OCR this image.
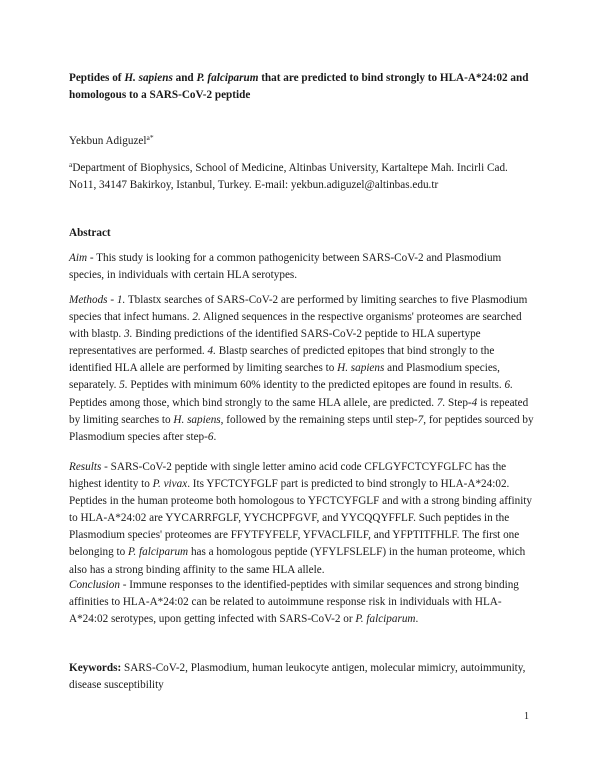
Peptides of H. sapiens and P. falciparum that are predicted to bind strongly to HLA-A*24:02 and homologous to a SARS-CoV-2 peptide

Yekbun Adiguzel$^{a*}$

$^a$Department of Biophysics, School of Medicine, Altinbas University, Kartaltepe Mah. Incirli Cad. No11, 34147 Bakirkoy, Istanbul, Turkey. E-mail: yekbun.adiguzel@altinbas.edu.tr

Abstract

Aim - This study is looking for a common pathogenicity between SARS-CoV-2 and Plasmodium species, in individuals with certain HLA serotypes.

Methods - 1. Tblastx searches of SARS-CoV-2 are performed by limiting searches to five Plasmodium species that infect humans. 2. Aligned sequences in the respective organisms' proteomes are searched with blastp. 3. Binding predictions of the identified SARS-CoV-2 peptide to HLA supertype representatives are performed. 4. Blastp searches of predicted epitopes that bind strongly to the identified HLA allele are performed by limiting searches to H. sapiens and Plasmodium species, separately. 5. Peptides with minimum 60% identity to the predicted epitopes are found in results. 6. Peptides among those, which bind strongly to the same HLA allele, are predicted. 7. Step-4 is repeated by limiting searches to H. sapiens, followed by the remaining steps until step-7, for peptides sourced by Plasmodium species after step-6.

Results - SARS-CoV-2 peptide with single letter amino acid code CFLGYFCTCYFGLFC has the highest identity to P. vivax. Its YFCTCYFGLF part is predicted to bind strongly to HLA-A*24:02. Peptides in the human proteome both homologous to YFCTCYFGLF and with a strong binding affinity to HLA-A*24:02 are YYCARRFGLF, YYCHCPFGVF, and YYCQQYFFLF. Such peptides in the Plasmodium species' proteomes are FFYTFYFELF, YFVACLFILF, and YFPTITFHLF. The first one belonging to P. falciparum has a homologous peptide (YFYLFSLELF) in the human proteome, which also has a strong binding affinity to the same HLA allele.

Conclusion - Immune responses to the identified-peptides with similar sequences and strong binding affinities to HLA-A*24:02 can be related to autoimmune response risk in individuals with HLA-A*24:02 serotypes, upon getting infected with SARS-CoV-2 or P. falciparum.

Keywords: SARS-CoV-2, Plasmodium, human leukocyte antigen, molecular mimicry, autoimmunity, disease susceptibility

1
